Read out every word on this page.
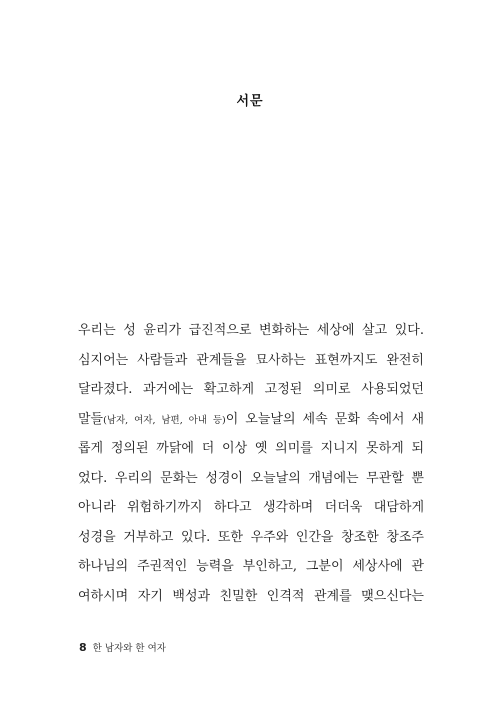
서문
우리는 성 윤리가 급진적으로 변화하는 세상에 살고 있다.
심지어는 사람들과 관계들을 묘사하는 표현까지도 완전히
달라졌다. 과거에는 확고하게 고정된 의미로 사용되었던
말들(남자, 여자, 남편, 아내 등)이 오늘날의 세속 문화 속에서 새
롭게 정의된 까닭에 더 이상 옛 의미를 지니지 못하게 되
었다. 우리의 문화는 성경이 오늘날의 개념에는 무관할 뿐
아니라 위험하기까지 하다고 생각하며 더더욱 대담하게
성경을 거부하고 있다. 또한 우주와 인간을 창조한 창조주
하나님의 주권적인 능력을 부인하고, 그분이 세상사에 관
여하시며 자기 백성과 친밀한 인격적 관계를 맺으신다는
8 한 남자와 한 여자
